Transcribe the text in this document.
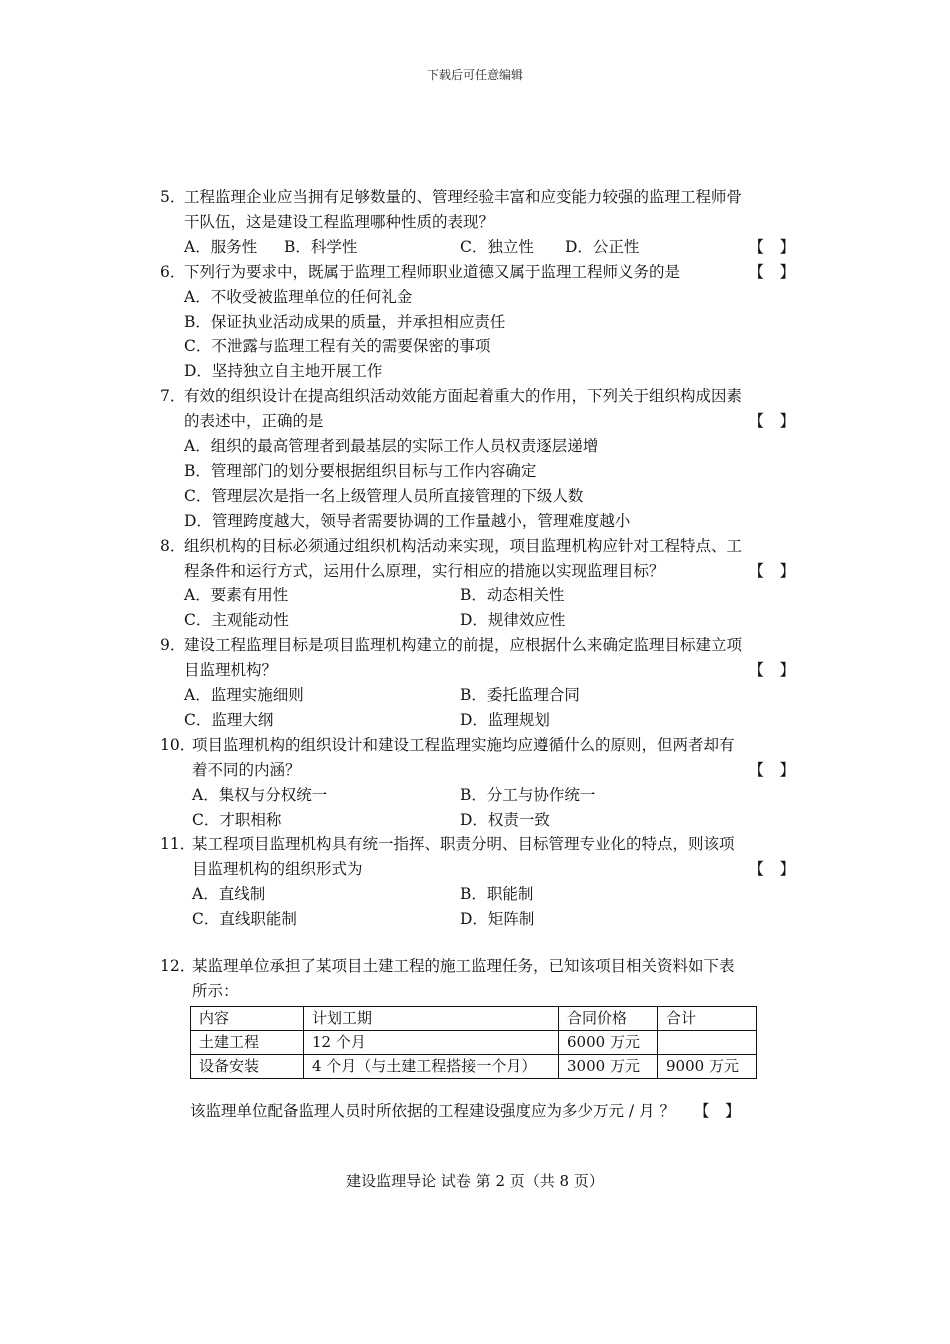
下载后可任意编辑
5．
工程监理企业应当拥有足够数量的、管理经验丰富和应变能力较强的监理工程师骨
干队伍，这是建设工程监理哪种性质的表现？
【　】
A．服务性 B．科学性	C．独立性 D．公正性
6．
下列行为要求中，既属于监理工程师职业道德又属于监理工程师义务的是	【　】
A．不收受被监理单位的任何礼金
B．保证执业活动成果的质量，并承担相应责任
C．不泄露与监理工程有关的需要保密的事项
D．坚持独立自主地开展工作
7．
有效的组织设计在提高组织活动效能方面起着重大的作用，下列关于组织构成因素
的表述中，正确的是	【　】
A．组织的最高管理者到最基层的实际工作人员权责逐层递增
B．管理部门的划分要根据组织目标与工作内容确定
C．管理层次是指一名上级管理人员所直接管理的下级人数
D．管理跨度越大，领导者需要协调的工作量越小，管理难度越小
8．
组织机构的目标必须通过组织机构活动来实现，项目监理机构应针对工程特点、工
程条件和运行方式，运用什么原理，实行相应的措施以实现监理目标？	【　】
A．要素有用性	B．动态相关性
C．主观能动性	D．规律效应性
9．
建设工程监理目标是项目监理机构建立的前提，应根据什么来确定监理目标建立项
目监理机构？	【　】
A．监理实施细则	B．委托监理合同
C．监理大纲	D．监理规划
10．
项目监理机构的组织设计和建设工程监理实施均应遵循什么的原则，但两者却有
着不同的内涵？	【　】
A．集权与分权统一	B．分工与协作统一
C．才职相称	D．权责一致
11．
某工程项目监理机构具有统一指挥、职责分明、目标管理专业化的特点，则该项
目监理机构的组织形式为	【　】
A．直线制	B．职能制
C．直线职能制	D．矩阵制
12．
某监理单位承担了某项目土建工程的施工监理任务，已知该项目相关资料如下表
所示：
内容	计划工期	合同价格	合计
土建工程	12 个月	6000 万元	
设备安装	4 个月（与土建工程搭接一个月）	3000 万元	9000 万元
该监理单位配备监理人员时所依据的工程建设强度应为多少万元 / 月 ？ 【　】
建设监理导论 试卷 第 2 页（共 8 页）
